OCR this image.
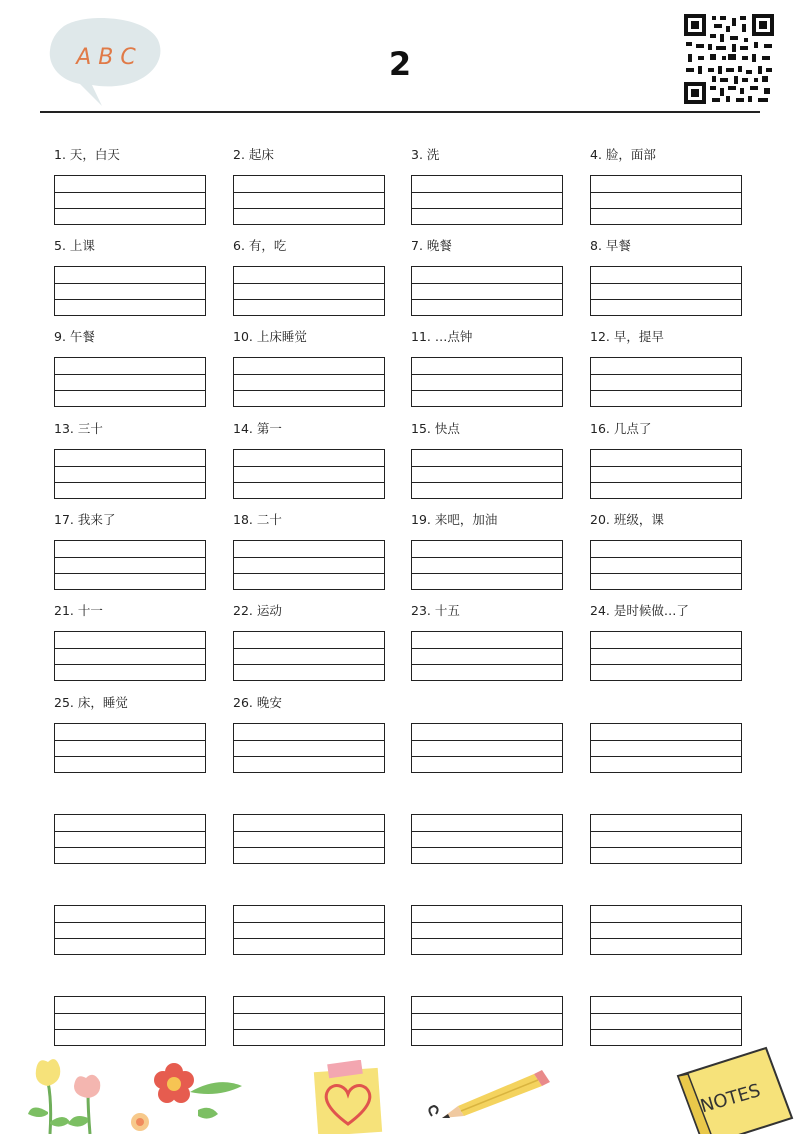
A B C	2
1. 天，白天	2. 起床	3. 洗	4. 脸，面部
5. 上课	6. 有，吃	7. 晚餐	8. 早餐
9. 午餐	10. 上床睡觉	11. …点钟	12. 早，提早
13. 三十	14. 第一	15. 快点	16. 几点了
17. 我来了	18. 二十	19. 来吧，加油	20. 班级，课
21. 十一	22. 运动	23. 十五	24. 是时候做…了
25. 床，睡觉	26. 晚安
NOTES
